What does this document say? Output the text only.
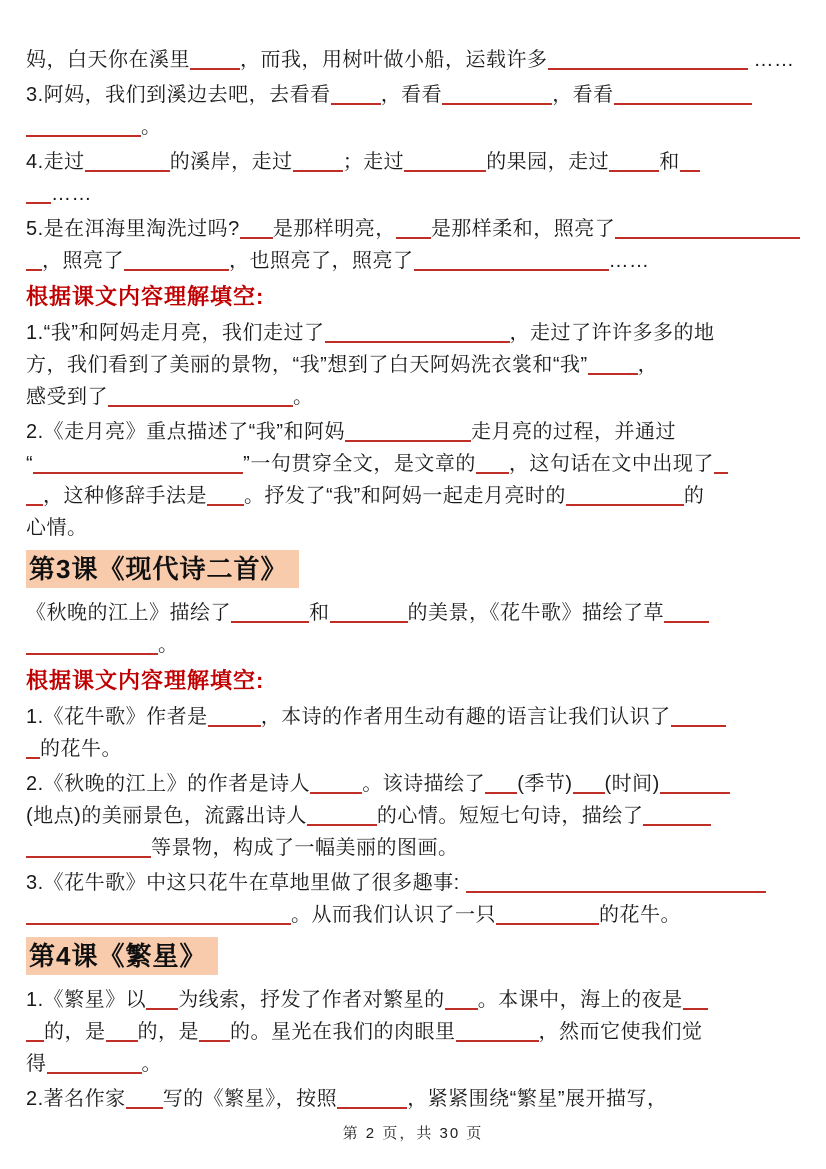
妈，白天你在溪里	，而我，用树叶做小船，运载许多	……
3.阿妈，我们到溪边去吧，去看看	，看看	，看看
。
4.走过	的溪岸，走过	；走过	的果园，走过	和
……
5.是在洱海里淘洗过吗? 是那样明亮， 是那样柔和，照亮了
，照亮了	，也照亮了，照亮了	……
根据课文内容理解填空:
1.“我”和阿妈走月亮，我们走过了	，走过了许许多多的地
方，我们看到了美丽的景物，“我”想到了白天阿妈洗衣裳和“我”	，
感受到了	。
2.《走月亮》重点描述了“我”和阿妈	走月亮的过程，并通过
“	”一句贯穿全文，是文章的 ，这句话在文中出现了
，这种修辞手法是 。抒发了“我”和阿妈一起走月亮时的	的
心情。
第3课《现代诗二首》
《秋晚的江上》描绘了	和	的美景，《花牛歌》描绘了草
。
根据课文内容理解填空:
1.《花牛歌》作者是	，本诗的作者用生动有趣的语言让我们认识了
的花牛。
2.《秋晚的江上》的作者是诗人	。该诗描绘了 (季节) (时间)
(地点)的美丽景色，流露出诗人	的心情。短短七句诗，描绘了
等景物，构成了一幅美丽的图画。
3.《花牛歌》中这只花牛在草地里做了很多趣事:
。从而我们认识了一只	的花牛。
第4课《繁星》
1.《繁星》以 为线索，抒发了作者对繁星的 。本课中，海上的夜是
的，是 的，是 的。星光在我们的肉眼里	，然而它使我们觉
得	。
2.著名作家 写的《繁星》，按照	，紧紧围绕“繁星”展开描写，
第 2 页，共 30 页
